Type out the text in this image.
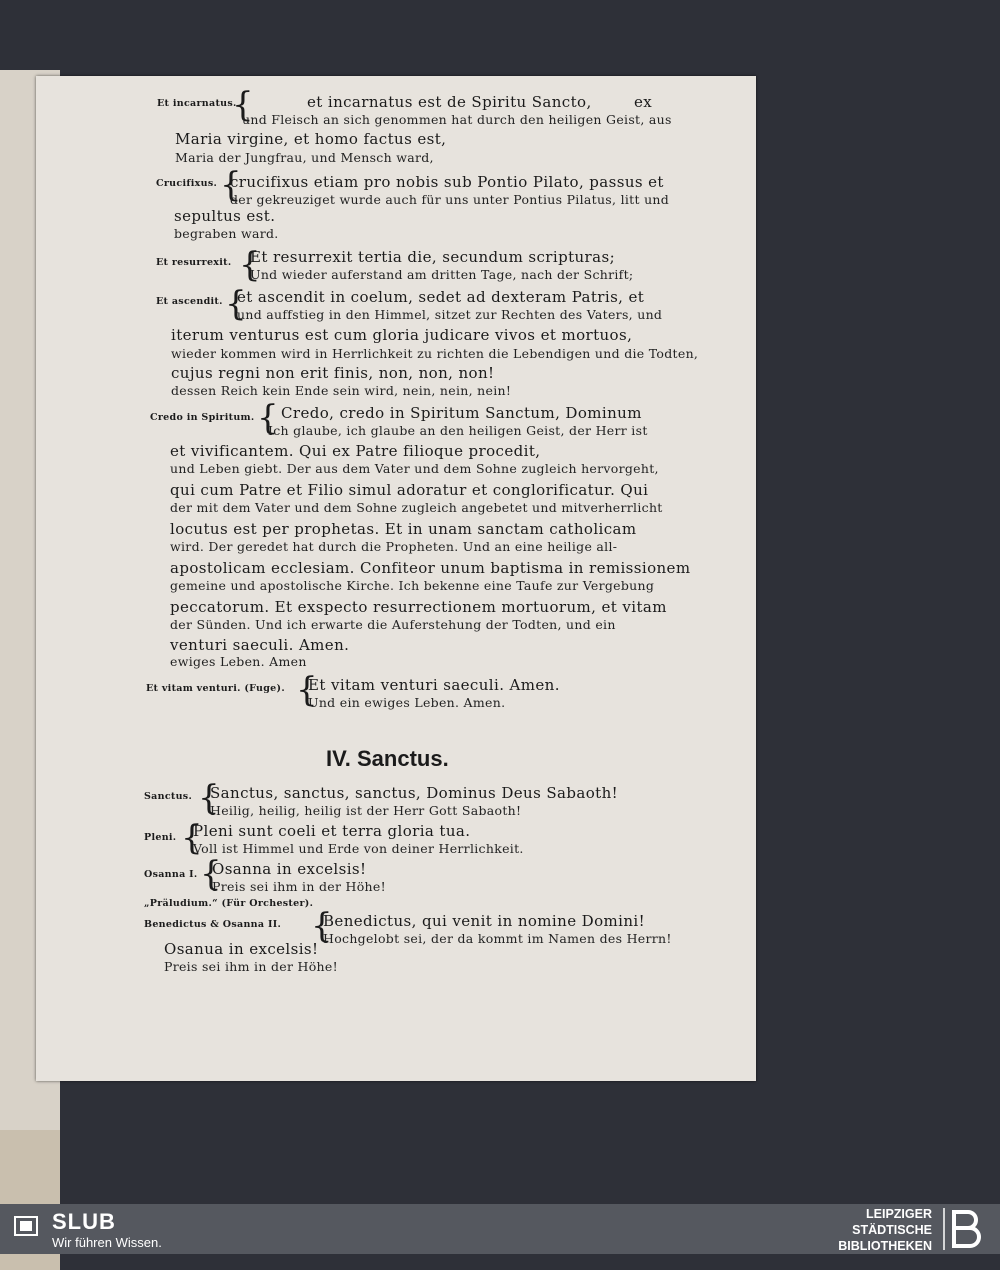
Et incarnatus.
{	et incarnatus est de Spiritu Sancto,	ex
und Fleisch an sich genommen hat durch den heiligen Geist, aus
Maria virgine, et homo factus est,
Maria der Jungfrau, und Mensch ward,
Crucifixus. {
crucifixus etiam pro nobis sub Pontio Pilato, passus et
der gekreuziget wurde auch für uns unter Pontius Pilatus, litt und
sepultus est.
begraben ward.
Et resurrexit. {
Et resurrexit tertia die, secundum scripturas;
Und wieder auferstand am dritten Tage, nach der Schrift;
Et ascendit. {
et ascendit in coelum, sedet ad dexteram Patris, et
und auffstieg in den Himmel, sitzet zur Rechten des Vaters, und
iterum venturus est cum gloria judicare vivos et mortuos,
wieder kommen wird in Herrlichkeit zu richten die Lebendigen und die Todten,
cujus regni non erit finis, non, non, non!
dessen Reich kein Ende sein wird, nein, nein, nein!
Credo in Spiritum. { Credo, credo in Spiritum Sanctum, Dominum
Ich glaube, ich glaube an den heiligen Geist, der Herr ist
et vivificantem. Qui ex Patre filioque procedit,
und Leben giebt. Der aus dem Vater und dem Sohne zugleich hervorgeht,
qui cum Patre et Filio simul adoratur et conglorificatur. Qui
der mit dem Vater und dem Sohne zugleich angebetet und mitverherrlicht
locutus est per prophetas. Et in unam sanctam catholicam
wird. Der geredet hat durch die Propheten. Und an eine heilige all-
apostolicam ecclesiam. Confiteor unum baptisma in remissionem
gemeine und apostolische Kirche. Ich bekenne eine Taufe zur Vergebung
peccatorum. Et exspecto resurrectionem mortuorum, et vitam
der Sünden. Und ich erwarte die Auferstehung der Todten, und ein
venturi saeculi. Amen.
ewiges Leben. Amen
Et vitam venturi. (Fuge). {
Et vitam venturi saeculi. Amen.
Und ein ewiges Leben. Amen.
IV. Sanctus.
Sanctus. {
Sanctus, sanctus, sanctus, Dominus Deus Sabaoth!
Heilig, heilig, heilig ist der Herr Gott Sabaoth!
Pleni. {
Pleni sunt coeli et terra gloria tua.
Voll ist Himmel und Erde von deiner Herrlichkeit.
Osanna I. {
Osanna in excelsis!
Preis sei ihm in der Höhe!
„Präludium.“ (Für Orchester).
Benedictus & Osanna II. {
Benedictus, qui venit in nomine Domini!
Hochgelobt sei, der da kommt im Namen des Herrn!
Osanua in excelsis!
Preis sei ihm in der Höhe!
SLUB
Wir führen Wissen.
LEIPZIGER
STÄDTISCHE
BIBLIOTHEKEN
